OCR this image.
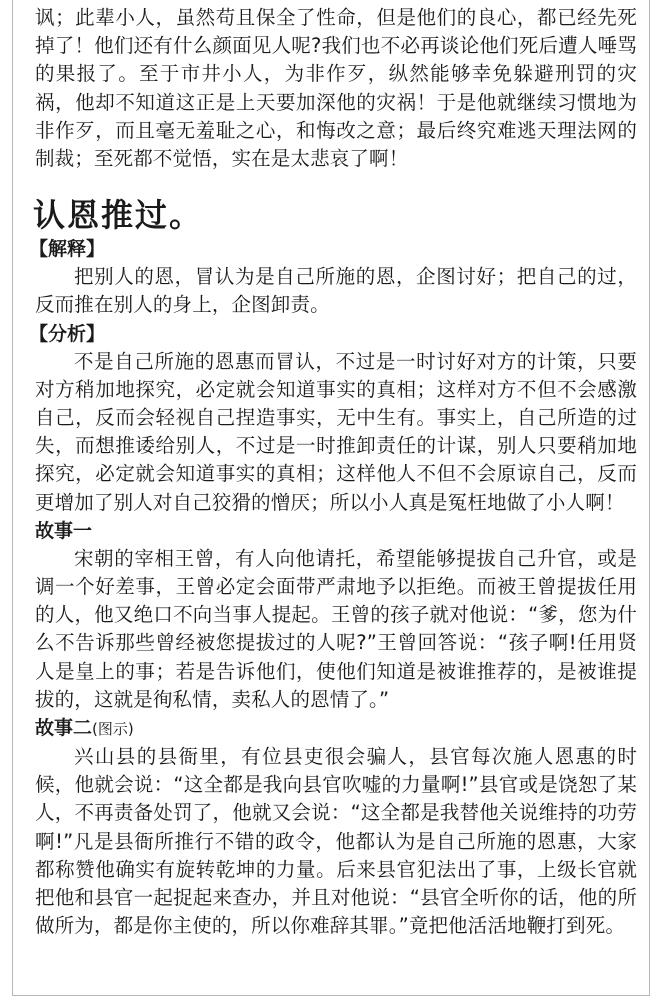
讽；此辈小人，虽然苟且保全了性命，但是他们的良心，都已经先死掉了！他们还有什么颜面见人呢?我们也不必再谈论他们死后遭人唾骂的果报了。至于市井小人，为非作歹，纵然能够幸免躲避刑罚的灾祸，他却不知道这正是上天要加深他的灾祸！于是他就继续习惯地为非作歹，而且毫无羞耻之心，和悔改之意；最后终究难逃天理法网的制裁；至死都不觉悟，实在是太悲哀了啊！

认恩推过。
【解释】

把别人的恩，冒认为是自己所施的恩，企图讨好；把自己的过，反而推在别人的身上，企图卸责。

【分析】

不是自己所施的恩惠而冒认，不过是一时讨好对方的计策，只要对方稍加地探究，必定就会知道事实的真相；这样对方不但不会感激自己，反而会轻视自己捏造事实，无中生有。事实上，自己所造的过失，而想推诿给别人，不过是一时推卸责任的计谋，别人只要稍加地探究，必定就会知道事实的真相；这样他人不但不会原谅自己，反而更增加了别人对自己狡猾的憎厌；所以小人真是冤枉地做了小人啊！

故事一

宋朝的宰相王曾，有人向他请托，希望能够提拔自己升官，或是调一个好差事，王曾必定会面带严肃地予以拒绝。而被王曾提拔任用的人，他又绝口不向当事人提起。王曾的孩子就对他说：“爹，您为什么不告诉那些曾经被您提拔过的人呢?”王曾回答说：“孩子啊!任用贤人是皇上的事；若是告诉他们，使他们知道是被谁推荐的，是被谁提拔的，这就是徇私情，卖私人的恩情了。”

故事二(图示)

兴山县的县衙里，有位县吏很会骗人，县官每次施人恩惠的时候，他就会说：“这全都是我向县官吹嘘的力量啊!”县官或是饶恕了某人，不再责备处罚了，他就又会说：“这全都是我替他关说维持的功劳啊!”凡是县衙所推行不错的政令，他都认为是自己所施的恩惠，大家都称赞他确实有旋转乾坤的力量。后来县官犯法出了事，上级长官就把他和县官一起捉起来查办，并且对他说：“县官全听你的话，他的所做所为，都是你主使的，所以你难辞其罪。”竟把他活活地鞭打到死。
